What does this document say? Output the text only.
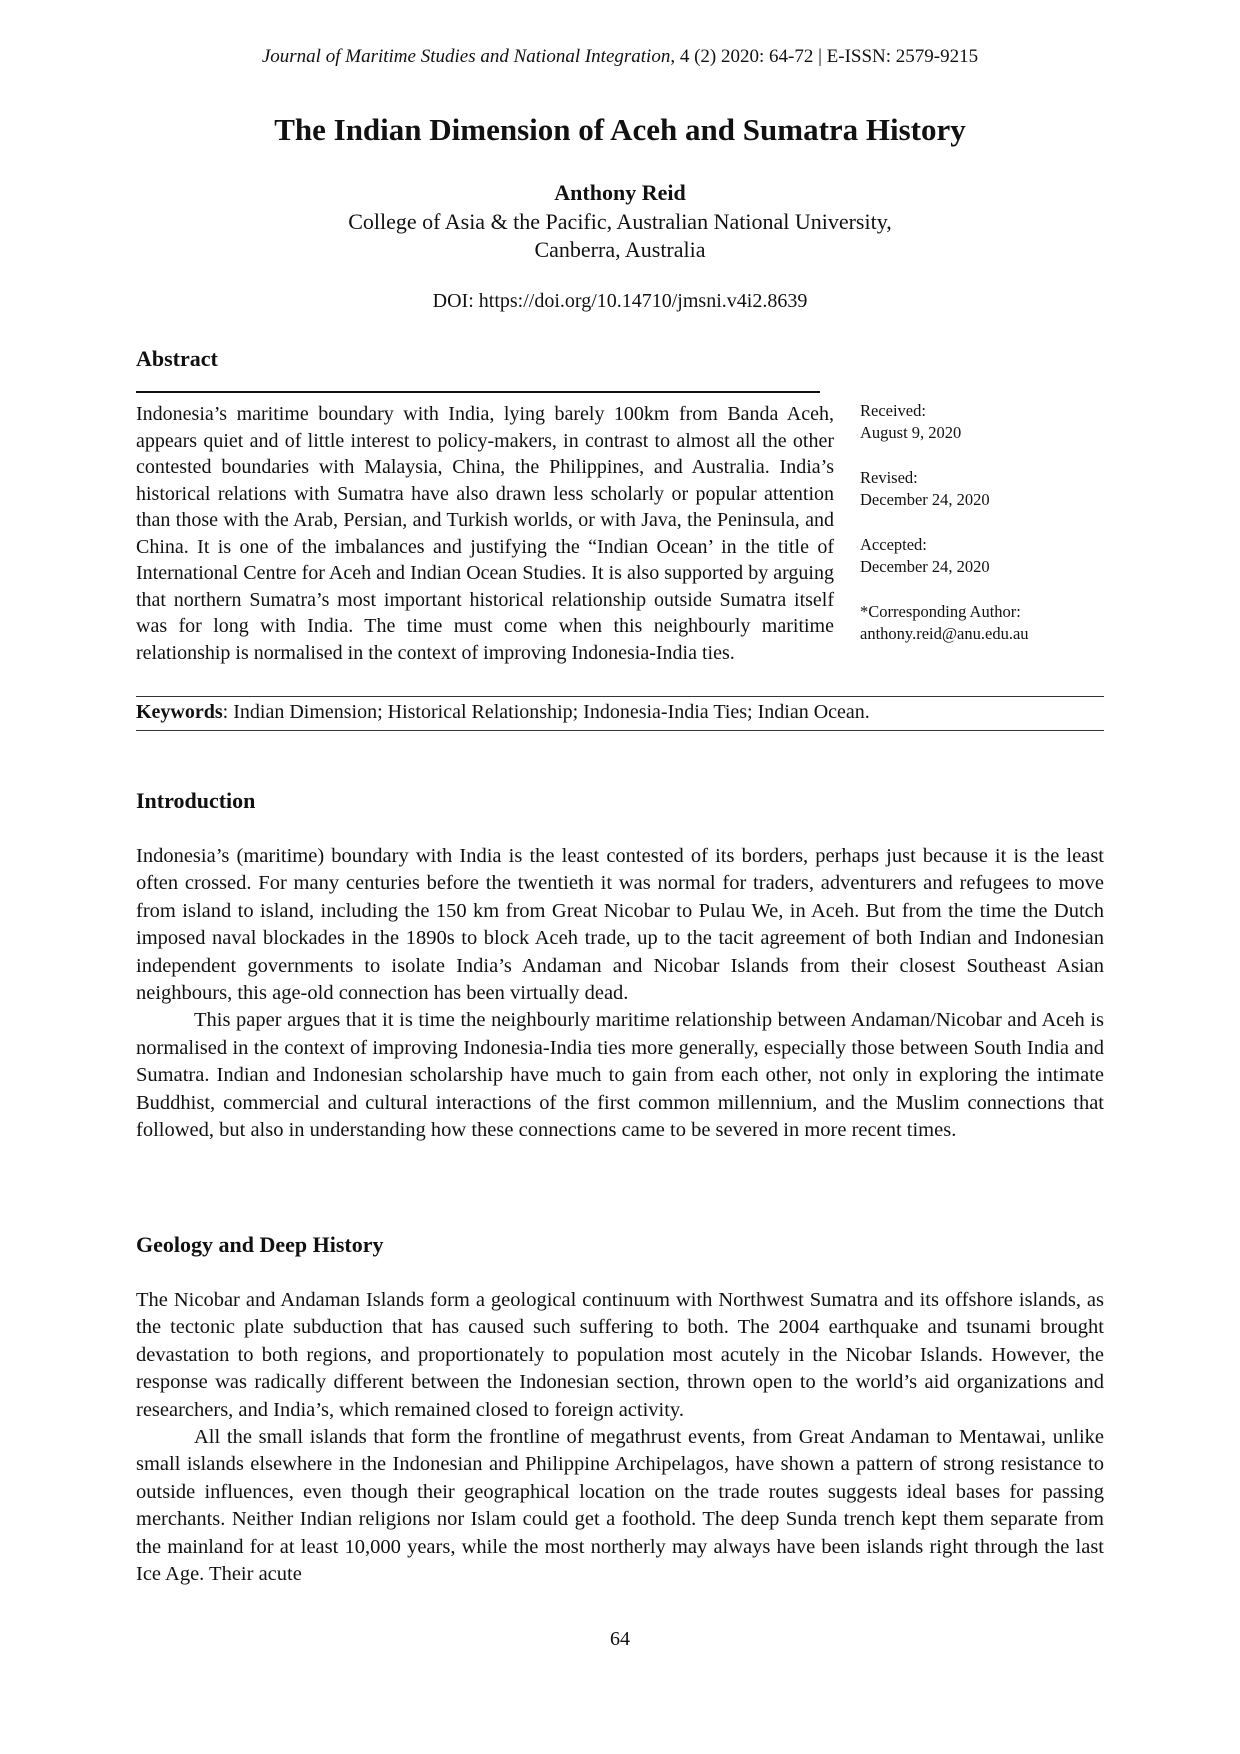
Journal of Maritime Studies and National Integration, 4 (2) 2020: 64-72 | E-ISSN: 2579-9215
The Indian Dimension of Aceh and Sumatra History
Anthony Reid
College of Asia & the Pacific, Australian National University,
Canberra, Australia
DOI: https://doi.org/10.14710/jmsni.v4i2.8639
Abstract
Indonesia’s maritime boundary with India, lying barely 100km from Banda Aceh, appears quiet and of little interest to policy-makers, in contrast to almost all the other contested boundaries with Malaysia, China, the Philippines, and Australia. India’s historical relations with Sumatra have also drawn less scholarly or popular attention than those with the Arab, Persian, and Turkish worlds, or with Java, the Peninsula, and China. It is one of the imbalances and justifying the “Indian Ocean’ in the title of International Centre for Aceh and Indian Ocean Studies. It is also supported by arguing that northern Sumatra’s most important historical relationship outside Sumatra itself was for long with India. The time must come when this neighbourly maritime relationship is normalised in the context of improving Indonesia-India ties.
Received:
August 9, 2020
Revised:
December 24, 2020
Accepted:
December 24, 2020
*Corresponding Author:
anthony.reid@anu.edu.au
Keywords: Indian Dimension; Historical Relationship; Indonesia-India Ties; Indian Ocean.
Introduction

Indonesia’s (maritime) boundary with India is the least contested of its borders, perhaps just because it is the least often crossed. For many centuries before the twentieth it was normal for traders, adventurers and refugees to move from island to island, including the 150 km from Great Nicobar to Pulau We, in Aceh. But from the time the Dutch imposed naval blockades in the 1890s to block Aceh trade, up to the tacit agreement of both Indian and Indonesian independent governments to isolate India’s Andaman and Nicobar Islands from their closest Southeast Asian neighbours, this age-old connection has been virtually dead.

This paper argues that it is time the neighbourly maritime relationship between Andaman/Nicobar and Aceh is normalised in the context of improving Indonesia-India ties more generally, especially those between South India and Sumatra. Indian and Indonesian scholarship have much to gain from each other, not only in exploring the intimate Buddhist, commercial and cultural interactions of the first common millennium, and the Muslim connections that followed, but also in understanding how these connections came to be severed in more recent times.

Geology and Deep History

The Nicobar and Andaman Islands form a geological continuum with Northwest Sumatra and its offshore islands, as the tectonic plate subduction that has caused such suffering to both. The 2004 earthquake and tsunami brought devastation to both regions, and proportionately to population most acutely in the Nicobar Islands. However, the response was radically different between the Indonesian section, thrown open to the world’s aid organizations and researchers, and India’s, which remained closed to foreign activity.

All the small islands that form the frontline of megathrust events, from Great Andaman to Mentawai, unlike small islands elsewhere in the Indonesian and Philippine Archipelagos, have shown a pattern of strong resistance to outside influences, even though their geographical location on the trade routes suggests ideal bases for passing merchants. Neither Indian religions nor Islam could get a foothold. The deep Sunda trench kept them separate from the mainland for at least 10,000 years, while the most northerly may always have been islands right through the last Ice Age. Their acute

64
